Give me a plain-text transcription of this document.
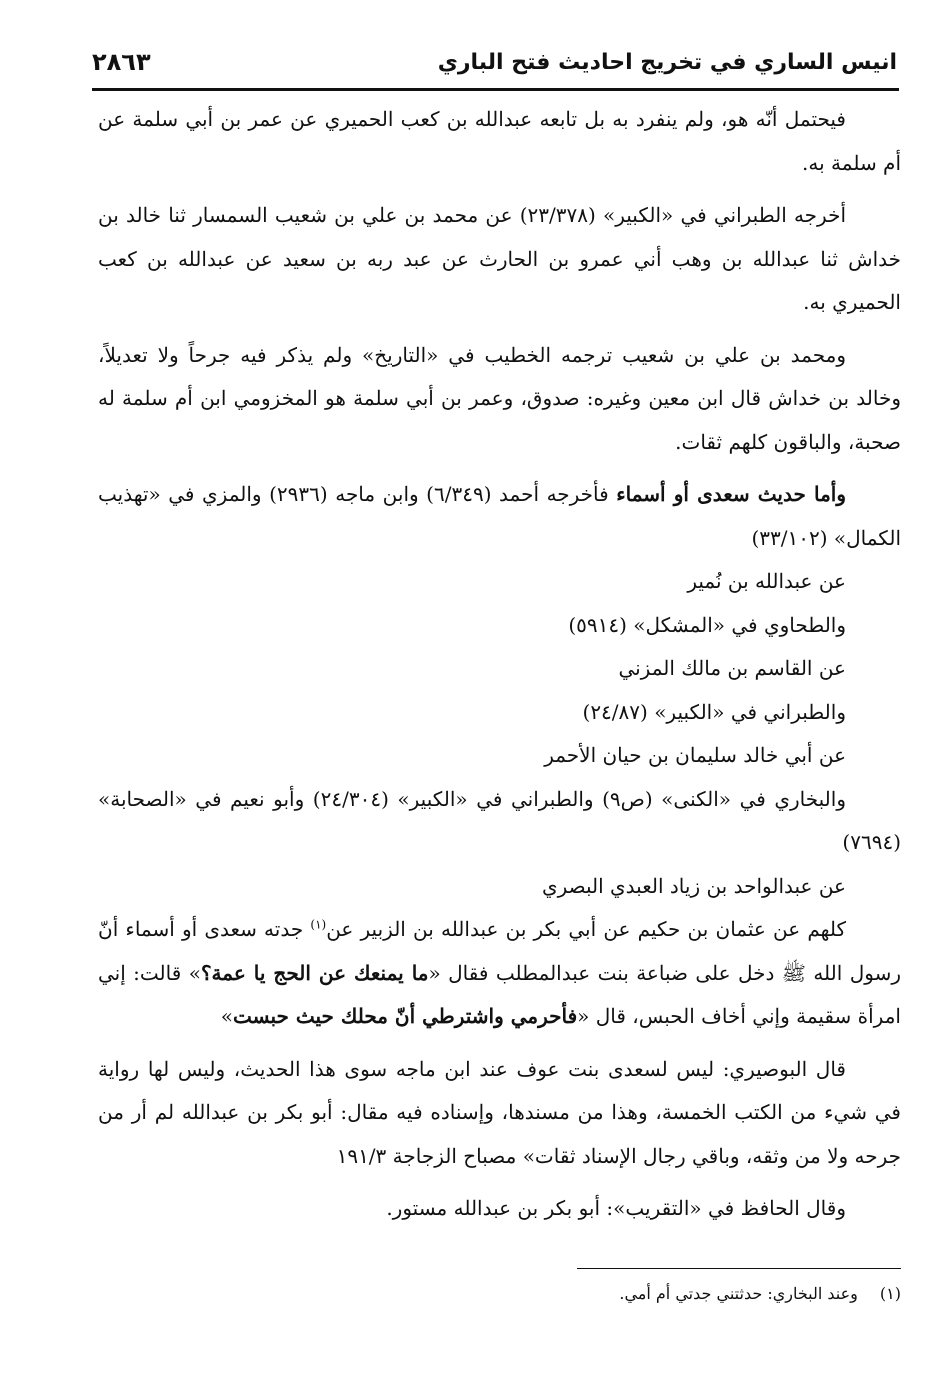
٢٨٦٣	انيس الساري في تخريج احاديث فتح الباري

فيحتمل أنّه هو، ولم ينفرد به بل تابعه عبدالله بن كعب الحميري عن عمر بن أبي سلمة عن أم سلمة به.

أخرجه الطبراني في «الكبير» (٢٣/٣٧٨) عن محمد بن علي بن شعيب السمسار ثنا خالد بن خداش ثنا عبدالله بن وهب أني عمرو بن الحارث عن عبد ربه بن سعيد عن عبدالله بن كعب الحميري به.

ومحمد بن علي بن شعيب ترجمه الخطيب في «التاريخ» ولم يذكر فيه جرحاً ولا تعديلاً، وخالد بن خداش قال ابن معين وغيره: صدوق، وعمر بن أبي سلمة هو المخزومي ابن أم سلمة له صحبة، والباقون كلهم ثقات.

وأما حديث سعدى أو أسماء فأخرجه أحمد (٦/٣٤٩) وابن ماجه (٢٩٣٦) والمزي في «تهذيب الكمال» (٣٣/١٠٢)

عن عبدالله بن نُمير

والطحاوي في «المشكل» (٥٩١٤)

عن القاسم بن مالك المزني

والطبراني في «الكبير» (٢٤/٨٧)

عن أبي خالد سليمان بن حيان الأحمر

والبخاري في «الكنى» (ص٩) والطبراني في «الكبير» (٢٤/٣٠٤) وأبو نعيم في «الصحابة» (٧٦٩٤)

عن عبدالواحد بن زياد العبدي البصري

كلهم عن عثمان بن حكيم عن أبي بكر بن عبدالله بن الزبير عن$^{(١)}$ جدته سعدى أو أسماء أنّ رسول الله ﷺ دخل على ضباعة بنت عبدالمطلب فقال «ما يمنعك عن الحج يا عمة؟» قالت: إني امرأة سقيمة وإني أخاف الحبس، قال «فأحرمي واشترطي أنّ محلك حيث حبست»

قال البوصيري: ليس لسعدى بنت عوف عند ابن ماجه سوى هذا الحديث، وليس لها رواية في شيء من الكتب الخمسة، وهذا من مسندها، وإسناده فيه مقال: أبو بكر بن عبدالله لم أر من جرحه ولا من وثقه، وباقي رجال الإسناد ثقات» مصباح الزجاجة ١٩١/٣

وقال الحافظ في «التقريب»: أبو بكر بن عبدالله مستور.

(١)وعند البخاري: حدثتني جدتي أم أمي.
